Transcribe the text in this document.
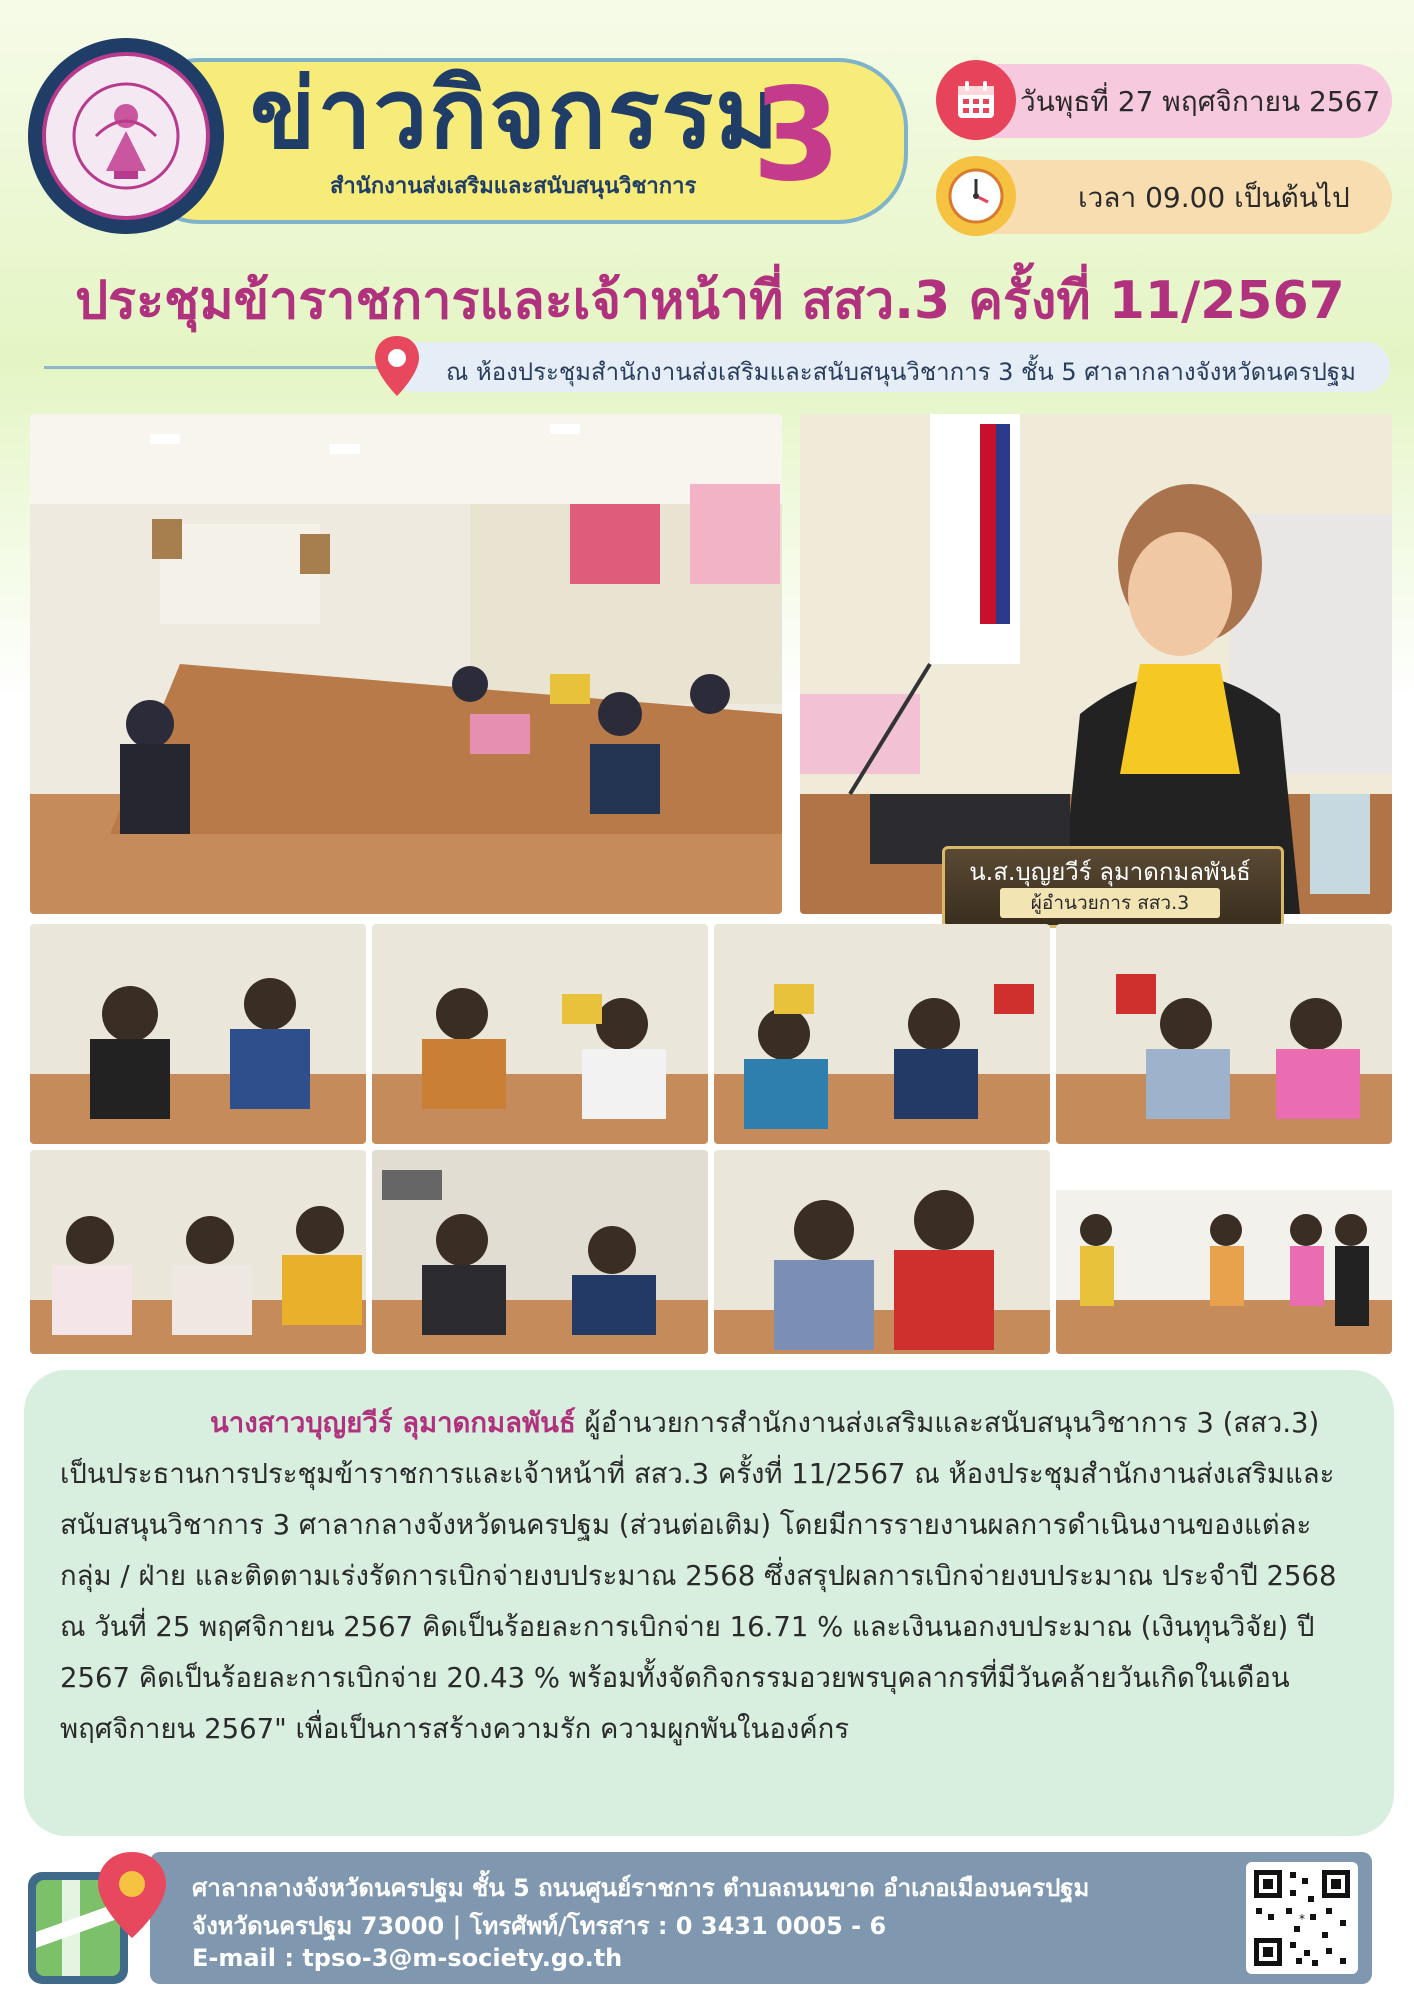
ข่าวกิจกรรม
สำนักงานส่งเสริมและสนับสนุนวิชาการ 3	วันพุธที่ 27 พฤศจิกายน 2567
เวลา 09.00 เป็นต้นไป
ประชุมข้าราชการและเจ้าหน้าที่ สสว.3 ครั้งที่ 11/2567
ณ ห้องประชุมสำนักงานส่งเสริมและสนับสนุนวิชาการ 3 ชั้น 5 ศาลากลางจังหวัดนครปฐม
น.ส.บุญยวีร์ ลุมาดกมลพันธ์
ผู้อำนวยการ สสว.3
นางสาวบุญยวีร์ ลุมาดกมลพันธ์ ผู้อำนวยการสำนักงานส่งเสริมและสนับสนุนวิชาการ 3 (สสว.3) เป็นประธานการประชุมข้าราชการและเจ้าหน้าที่ สสว.3 ครั้งที่ 11/2567 ณ ห้องประชุมสำนักงานส่งเสริมและสนับสนุนวิชาการ 3 ศาลากลางจังหวัดนครปฐม (ส่วนต่อเติม) โดยมีการรายงานผลการดำเนินงานของแต่ละกลุ่ม / ฝ่าย และติดตามเร่งรัดการเบิกจ่ายงบประมาณ 2568 ซึ่งสรุปผลการเบิกจ่ายงบประมาณ ประจำปี 2568 ณ วันที่ 25 พฤศจิกายน 2567 คิดเป็นร้อยละการเบิกจ่าย 16.71 % และเงินนอกงบประมาณ (เงินทุนวิจัย) ปี 2567 คิดเป็นร้อยละการเบิกจ่าย 20.43 % พร้อมทั้งจัดกิจกรรมอวยพรบุคลากรที่มีวันคล้ายวันเกิดในเดือนพฤศจิกายน 2567" เพื่อเป็นการสร้างความรัก ความผูกพันในองค์กร
ศาลากลางจังหวัดนครปฐม ชั้น 5 ถนนศูนย์ราชการ ตำบลถนนขาด อำเภอเมืองนครปฐม
จังหวัดนครปฐม 73000 | โทรศัพท์/โทรสาร : 0 3431 0005 - 6
E-mail : tpso-3@m-society.go.th
*
